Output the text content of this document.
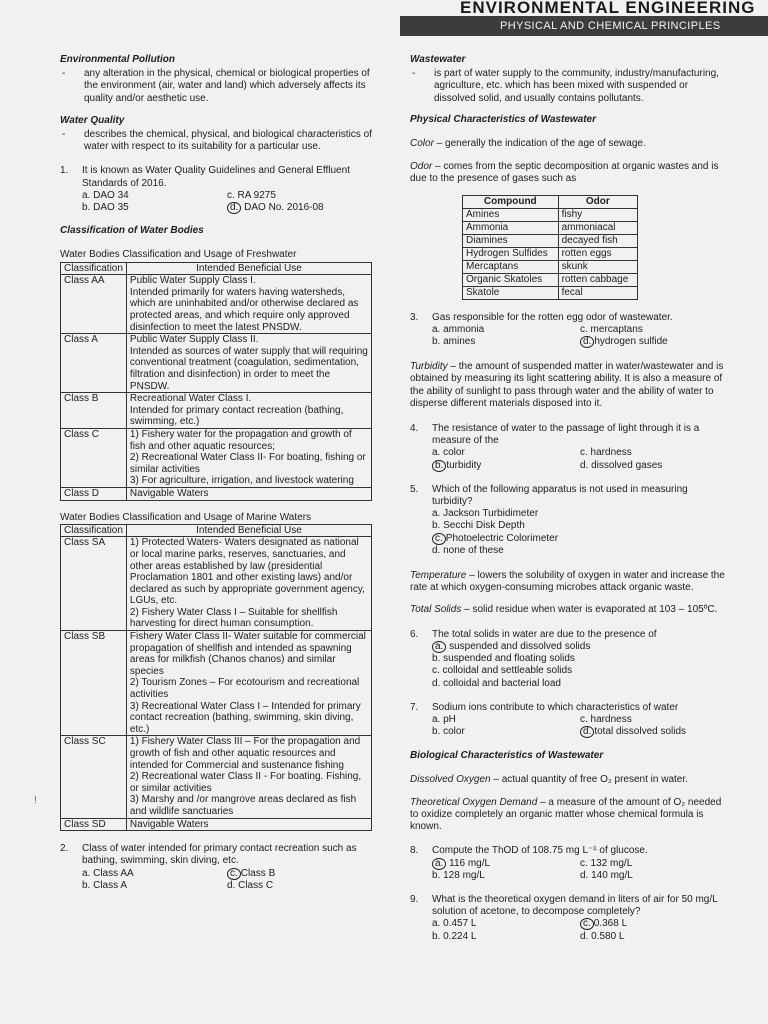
ENVIRONMENTAL ENGINEERING
PHYSICAL AND CHEMICAL PRINCIPLES
!
Environmental Pollution
-	any alteration in the physical, chemical or biological properties of the environment (air, water and land) which adversely affects its quality and/or aesthetic use.
Water Quality
-	describes the chemical, physical, and biological characteristics of water with respect to its suitability for a particular use.
1.	It is known as Water Quality Guidelines and General Effluent Standards of 2016.
a. DAO 34	c. RA 9275
b. DAO 35	d. DAO No. 2016-08
Classification of Water Bodies
Water Bodies Classification and Usage of Freshwater
Classification	Intended Beneficial Use
Class AA	Public Water Supply Class I.
Intended primarily for waters having watersheds, which are uninhabited and/or otherwise declared as protected areas, and which require only approved disinfection to meet the latest PNSDW.
Class A	Public Water Supply Class II.
Intended as sources of water supply that will requiring conventional treatment (coagulation, sedimentation, filtration and disinfection) in order to meet the PNSDW.
Class B	Recreational Water Class I.
Intended for primary contact recreation (bathing, swimming, etc.)
Class C	1) Fishery water for the propagation and growth of fish and other aquatic resources;
2) Recreational Water Class II- For boating, fishing or similar activities
3) For agriculture, irrigation, and livestock watering
Class D	Navigable Waters
Water Bodies Classification and Usage of Marine Waters
Classification	Intended Beneficial Use
Class SA	1) Protected Waters- Waters designated as national or local marine parks, reserves, sanctuaries, and other areas established by law (presidential Proclamation 1801 and other existing laws) and/or declared as such by appropriate government agency, LGUs, etc.
2) Fishery Water Class I – Suitable for shellfish harvesting for direct human consumption.
Class SB	Fishery Water Class II- Water suitable for commercial propagation of shellfish and intended as spawning areas for milkfish (Chanos chanos) and similar species
2) Tourism Zones – For ecotourism and recreational activities
3) Recreational Water Class I – Intended for primary contact recreation (bathing, swimming, skin diving, etc.)
Class SC	1) Fishery Water Class III – For the propagation and growth of fish and other aquatic resources and intended for Commercial and sustenance fishing
2) Recreational water Class II - For boating. Fishing, or similar activities
3) Marshy and /or mangrove areas declared as fish and wildlife sanctuaries
Class SD	Navigable Waters
2.	Class of water intended for primary contact recreation such as bathing, swimming, skin diving, etc.
a. Class AA	c. Class B
b. Class A	d. Class C
Wastewater
-	is part of water supply to the community, industry/manufacturing, agriculture, etc. which has been mixed with suspended or dissolved solid, and usually contains pollutants.
Physical Characteristics of Wastewater

Color – generally the indication of the age of sewage.

Odor – comes from the septic decomposition at organic wastes and is due to the presence of gases such as

Compound	Odor
Amines	fishy
Ammonia	ammoniacal
Diamines	decayed fish
Hydrogen Sulfides	rotten eggs
Mercaptans	skunk
Organic Skatoles	rotten cabbage
Skatole	fecal
3.	Gas responsible for the rotten egg odor of wastewater.
a. ammonia	c. mercaptans
b. amines	d. hydrogen sulfide

Turbidity – the amount of suspended matter in water/wastewater and is obtained by measuring its light scattering ability. It is also a measure of the ability of sunlight to pass through water and the ability of water to disperse different materials disposed into it.

4.	The resistance of water to the passage of light through it is a measure of the
a. color	c. hardness
b. turbidity	d. dissolved gases
5.	Which of the following apparatus is not used in measuring turbidity?
a. Jackson Turbidimeter
b. Secchi Disk Depth
c. Photoelectric Colorimeter
d. none of these

Temperature – lowers the solubility of oxygen in water and increase the rate at which oxygen-consuming microbes attack organic waste.

Total Solids – solid residue when water is evaporated at 103 – 105ºC.

6.	The total solids in water are due to the presence of
a. suspended and dissolved solids
b. suspended and floating solids
c. colloidal and settleable solids
d. colloidal and bacterial load
7.	Sodium ions contribute to which characteristics of water
a. pH	c. hardness
b. color	d. total dissolved solids
Biological Characteristics of Wastewater

Dissolved Oxygen – actual quantity of free O₂ present in water.

Theoretical Oxygen Demand – a measure of the amount of O₂ needed to oxidize completely an organic matter whose chemical formula is known.

8.	Compute the ThOD of 108.75 mg L⁻¹ of glucose.
a. 116 mg/L	c. 132 mg/L
b. 128 mg/L	d. 140 mg/L
9.	What is the theoretical oxygen demand in liters of air for 50 mg/L solution of acetone, to decompose completely?
a. 0.457 L	c. 0.368 L
b. 0.224 L	d. 0.580 L
